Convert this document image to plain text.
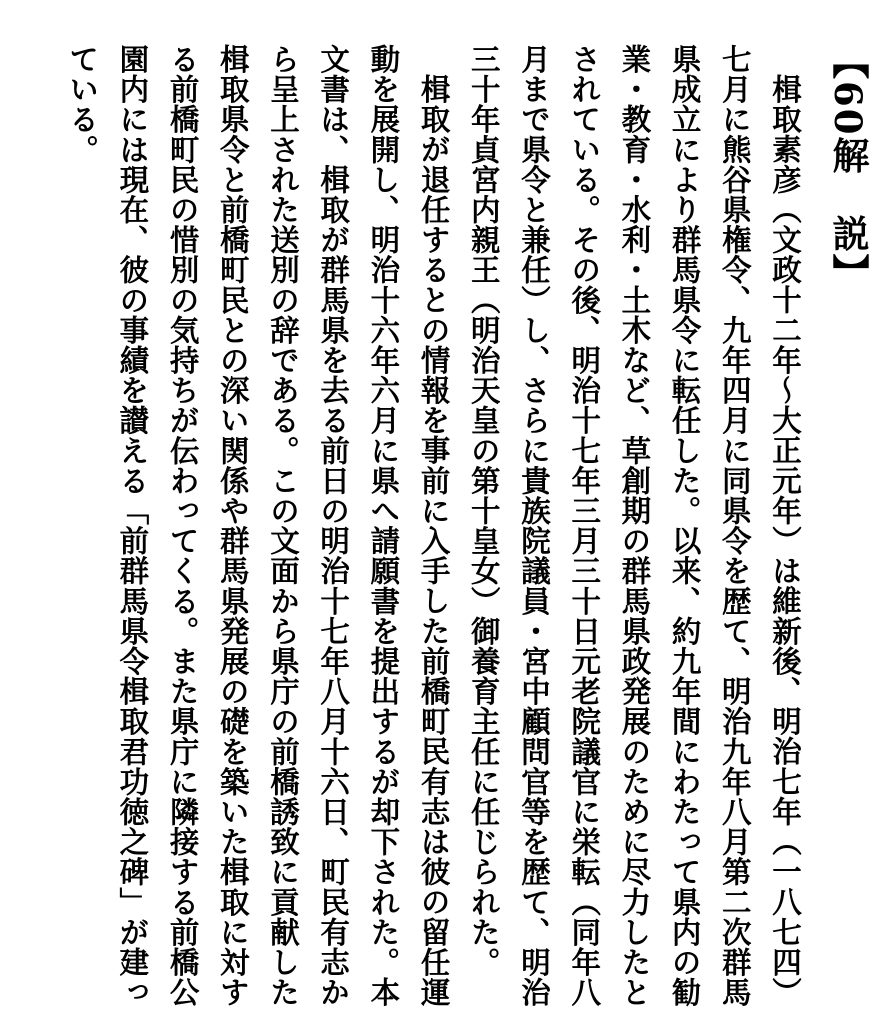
【60解　説】

楫取素彦（文政十二年～大正元年）は維新後、明治七年（一八七四）七月に熊谷県権令、九年四月に同県令を歴て、明治九年八月第二次群馬県成立により群馬県令に転任した。以来、約九年間にわたって県内の勧業・教育・水利・土木など、草創期の群馬県政発展のために尽力したとされている。その後、明治十七年三月三十日元老院議官に栄転（同年八月まで県令と兼任）し、さらに貴族院議員・宮中顧問官等を歴て、明治三十年貞宮内親王（明治天皇の第十皇女）御養育主任に任じられた。

楫取が退任するとの情報を事前に入手した前橋町民有志は彼の留任運動を展開し、明治十六年六月に県へ請願書を提出するが却下された。本文書は、楫取が群馬県を去る前日の明治十七年八月十六日、町民有志から呈上された送別の辞である。この文面から県庁の前橋誘致に貢献した楫取県令と前橋町民との深い関係や群馬県発展の礎を築いた楫取に対する前橋町民の惜別の気持ちが伝わってくる。また県庁に隣接する前橋公園内には現在、彼の事績を讃える「前群馬県令楫取君功徳之碑」が建っている。
